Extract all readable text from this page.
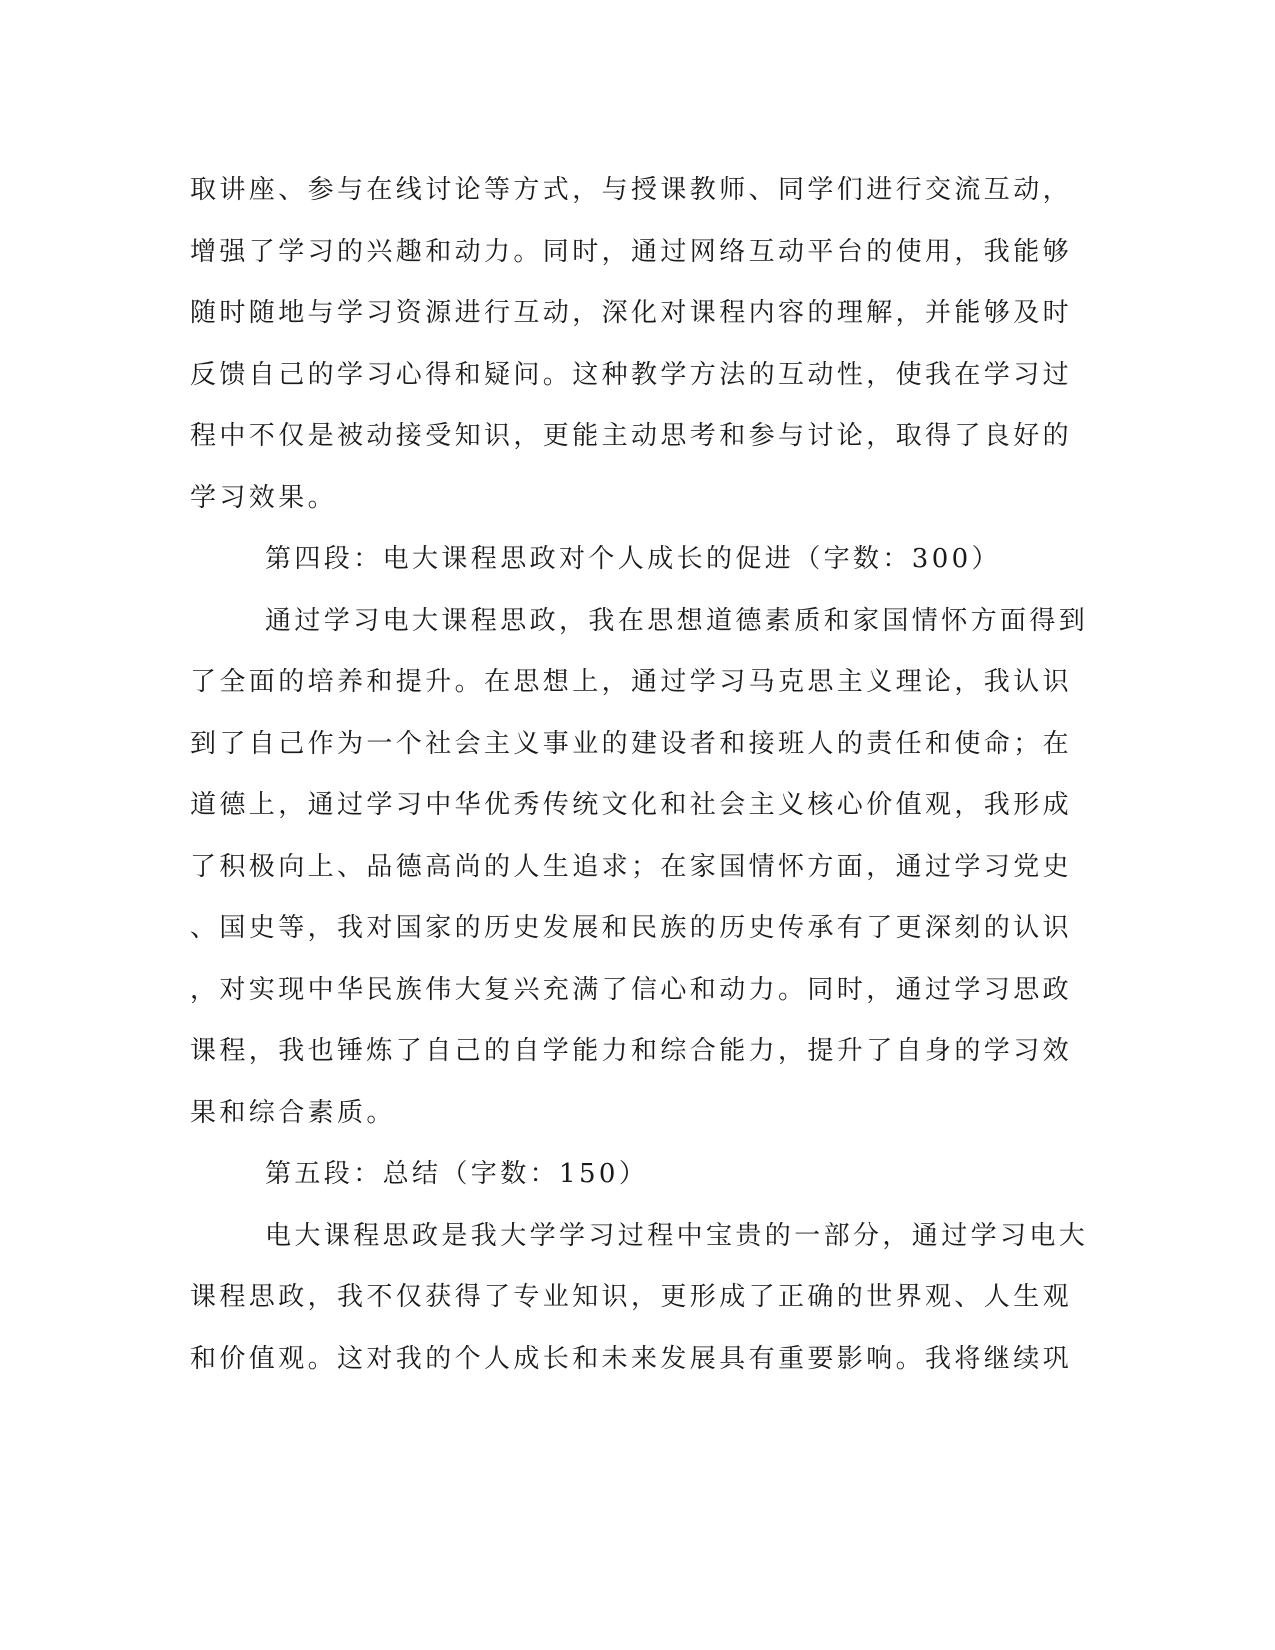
取讲座、参与在线讨论等方式，与授课教师、同学们进行交流互动，
增强了学习的兴趣和动力。同时，通过网络互动平台的使用，我能够
随时随地与学习资源进行互动，深化对课程内容的理解，并能够及时
反馈自己的学习心得和疑问。这种教学方法的互动性，使我在学习过
程中不仅是被动接受知识，更能主动思考和参与讨论，取得了良好的
学习效果。
第四段：电大课程思政对个人成长的促进（字数：300）
通过学习电大课程思政，我在思想道德素质和家国情怀方面得到
了全面的培养和提升。在思想上，通过学习马克思主义理论，我认识
到了自己作为一个社会主义事业的建设者和接班人的责任和使命；在
道德上，通过学习中华优秀传统文化和社会主义核心价值观，我形成
了积极向上、品德高尚的人生追求；在家国情怀方面，通过学习党史
、国史等，我对国家的历史发展和民族的历史传承有了更深刻的认识
，对实现中华民族伟大复兴充满了信心和动力。同时，通过学习思政
课程，我也锤炼了自己的自学能力和综合能力，提升了自身的学习效
果和综合素质。
第五段：总结（字数：150）
电大课程思政是我大学学习过程中宝贵的一部分，通过学习电大
课程思政，我不仅获得了专业知识，更形成了正确的世界观、人生观
和价值观。这对我的个人成长和未来发展具有重要影响。我将继续巩
